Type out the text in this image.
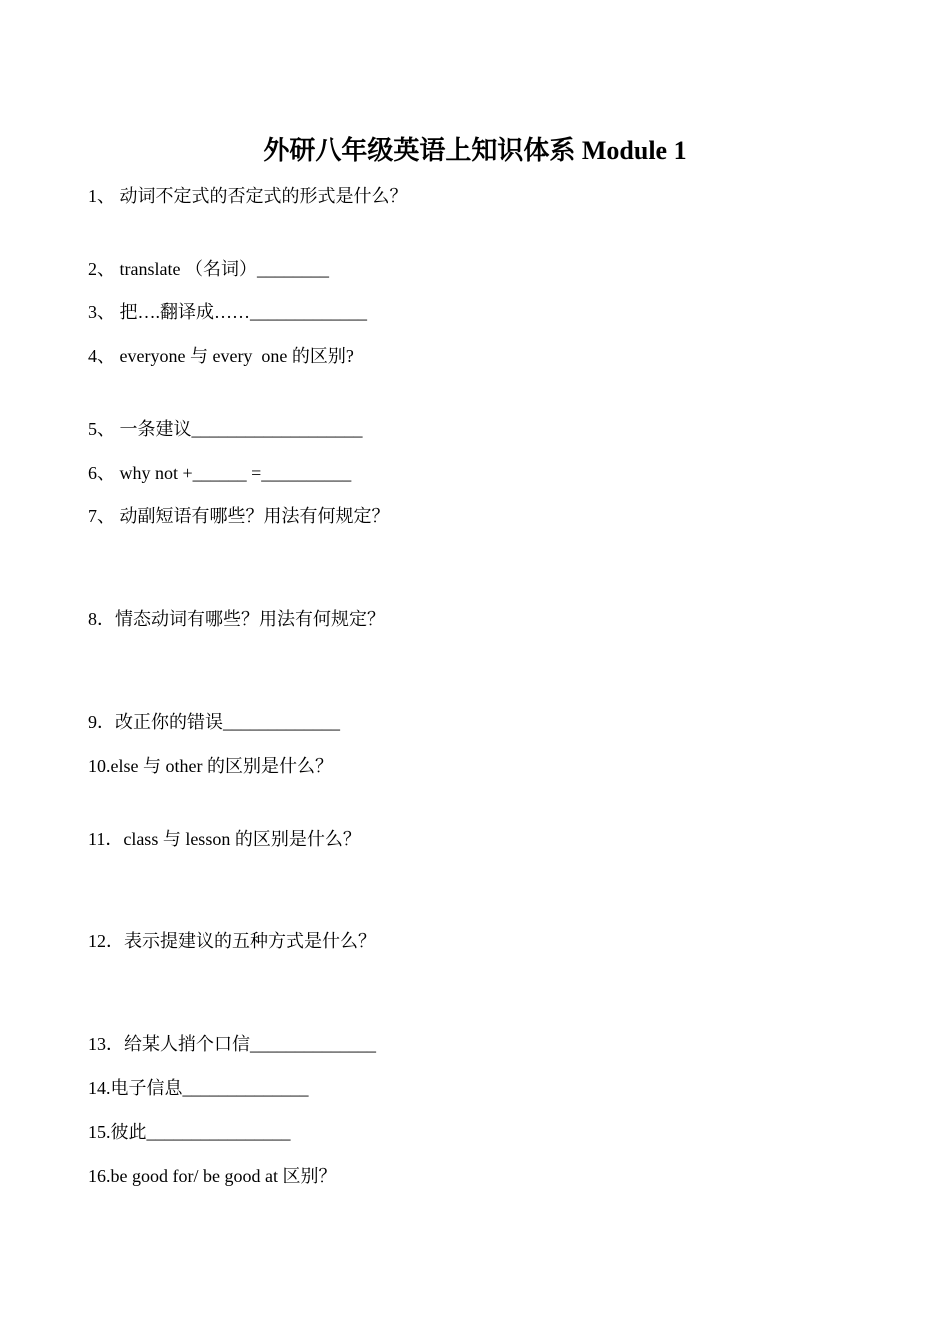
外研八年级英语上知识体系 Module 1

1、 动词不定式的否定式的形式是什么？

2、 translate （名词）________

3、 把….翻译成……_____________

4、 everyone 与 every  one 的区别?

5、 一条建议___________________

6、 why not +______ =__________

7、 动副短语有哪些？用法有何规定？

8．情态动词有哪些？用法有何规定？

9．改正你的错误_____________

10.else 与 other 的区别是什么？

11．class 与 lesson 的区别是什么？

12．表示提建议的五种方式是什么？

13．给某人捎个口信______________

14.电子信息______________

15.彼此________________

16.be good for/ be good at 区别？
